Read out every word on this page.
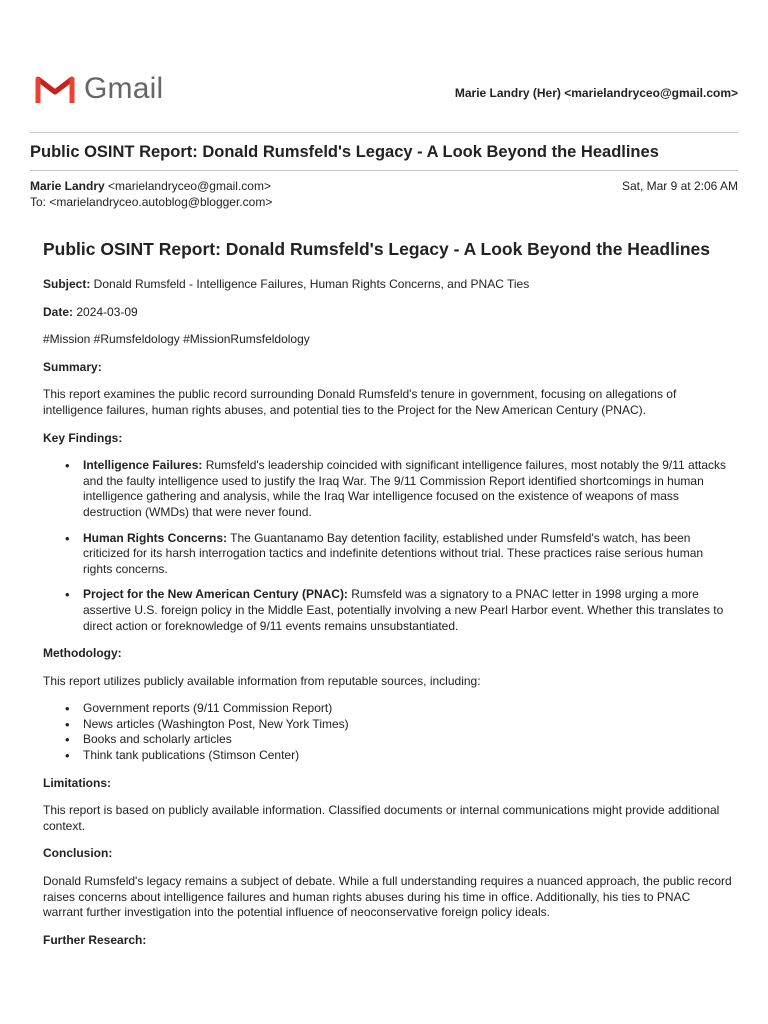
Gmail	Marie Landry (Her) <marielandryceo@gmail.com>
Public OSINT Report: Donald Rumsfeld's Legacy - A Look Beyond the Headlines
Marie Landry <marielandryceo@gmail.com>
To: <marielandryceo.autoblog@blogger.com>
Sat, Mar 9 at 2:06 AM
Public OSINT Report: Donald Rumsfeld's Legacy - A Look Beyond the Headlines

Subject: Donald Rumsfeld - Intelligence Failures, Human Rights Concerns, and PNAC Ties

Date: 2024-03-09

#Mission #Rumsfeldology #MissionRumsfeldology

Summary:

This report examines the public record surrounding Donald Rumsfeld's tenure in government, focusing on allegations of intelligence failures, human rights abuses, and potential ties to the Project for the New American Century (PNAC).

Key Findings:

• Intelligence Failures: Rumsfeld's leadership coincided with significant intelligence failures, most notably the 9/11 attacks and the faulty intelligence used to justify the Iraq War. The 9/11 Commission Report identified shortcomings in human intelligence gathering and analysis, while the Iraq War intelligence focused on the existence of weapons of mass destruction (WMDs) that were never found.
• Human Rights Concerns: The Guantanamo Bay detention facility, established under Rumsfeld's watch, has been criticized for its harsh interrogation tactics and indefinite detentions without trial. These practices raise serious human rights concerns.
• Project for the New American Century (PNAC): Rumsfeld was a signatory to a PNAC letter in 1998 urging a more assertive U.S. foreign policy in the Middle East, potentially involving a new Pearl Harbor event. Whether this translates to direct action or foreknowledge of 9/11 events remains unsubstantiated.

Methodology:

This report utilizes publicly available information from reputable sources, including:

• Government reports (9/11 Commission Report)
• News articles (Washington Post, New York Times)
• Books and scholarly articles
• Think tank publications (Stimson Center)

Limitations:

This report is based on publicly available information. Classified documents or internal communications might provide additional context.

Conclusion:

Donald Rumsfeld's legacy remains a subject of debate. While a full understanding requires a nuanced approach, the public record raises concerns about intelligence failures and human rights abuses during his time in office. Additionally, his ties to PNAC warrant further investigation into the potential influence of neoconservative foreign policy ideals.

Further Research:
